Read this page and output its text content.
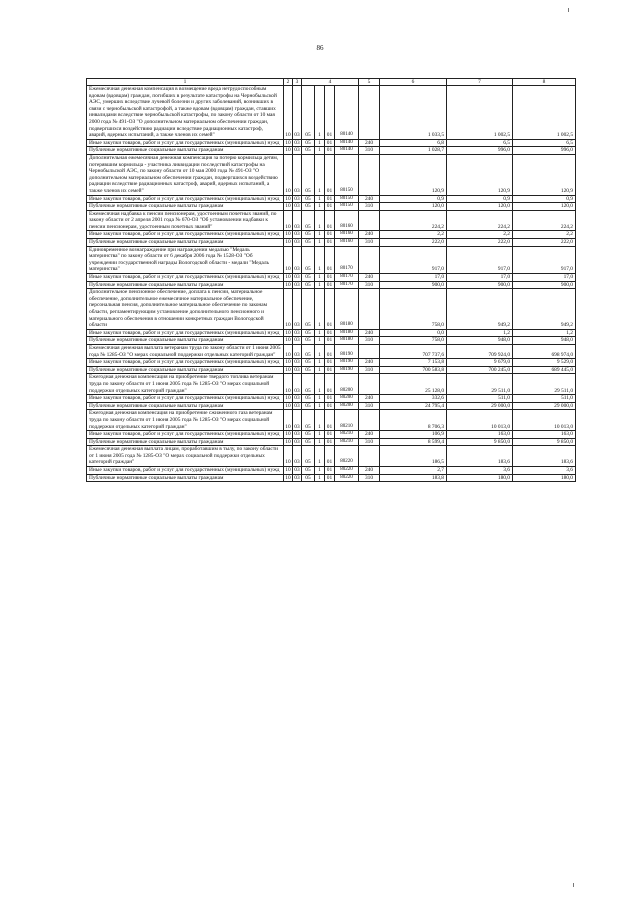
86
1	2	3	4				5	6	7	8
Ежемесячная денежная компенсация в возмещение вреда нетрудоспособным вдовам (вдовцам) граждан, погибших в результате катастрофы на Чернобыльской АЭС, умерших вследствие лучевой болезни и других заболеваний, возникших в связи с чернобыльской катастрофой, а также вдовам (вдовцам) граждан, ставших инвалидами вследствие чернобыльской катастрофы, по закону области от 10 мая 2000 года № 491-ОЗ "О дополнительном материальном обеспечении граждан, подвергшихся воздействию радиации вследствие радиационных катастроф, аварий, ядерных испытаний, а также членов их семей"	10	03	05	1	01	80140		1 033,5	1 002,5	1 002,5
Иные закупки товаров, работ и услуг для государственных (муниципальных) нужд	10	03	05	1	01	80140	240	6,8	6,5	6,5
Публичные нормативные социальные выплаты гражданам	10	03	05	1	01	80140	310	1 028,7	996,0	996,0
Дополнительная ежемесячная денежная компенсация за потерю кормильца детям, потерявшим кормильца - участника ликвидации последствий катастрофы на Чернобыльской АЭС, по закону области от 10 мая 2000 года № 491-ОЗ "О дополнительном материальном обеспечении граждан, подвергшихся воздействию радиации вследствие радиационных катастроф, аварий, ядерных испытаний, а также членов их семей"	10	03	05	1	01	80150		120,9	120,9	120,9
Иные закупки товаров, работ и услуг для государственных (муниципальных) нужд	10	03	05	1	01	80150	240	0,9	0,9	0,9
Публичные нормативные социальные выплаты гражданам	10	03	05	1	01	80150	310	120,0	120,0	120,0
Ежемесячная надбавка к пенсии пенсионерам, удостоенным почетных званий, по закону области от 2 апреля 2001 года № 670-ОЗ "Об установлении надбавки к пенсии пенсионерам, удостоенным почетных званий"	10	03	05	1	01	80160		224,2	224,2	224,2
Иные закупки товаров, работ и услуг для государственных (муниципальных) нужд	10	03	05	1	01	80160	240	2,2	2,2	2,2
Публичные нормативные социальные выплаты гражданам	10	03	05	1	01	80160	310	222,0	222,0	222,0
Единовременное вознаграждение при награждении медалью "Медаль материнства" по закону области от 6 декабря 2006 года № 1528-ОЗ "Об учреждении государственной награды Вологодской области - медали "Медаль материнства"	10	03	05	1	01	80170		917,0	917,0	917,0
Иные закупки товаров, работ и услуг для государственных (муниципальных) нужд	10	03	05	1	01	80170	240	17,0	17,0	17,0
Публичные нормативные социальные выплаты гражданам	10	03	05	1	01	80170	310	900,0	900,0	900,0
Дополнительное пенсионное обеспечение, доплата к пенсии, материальное обеспечение, дополнительное ежемесячное материальное обеспечение, персональная пенсия, дополнительное материальное обеспечение по законам области, регламентирующим установление дополнительного пенсионного и материального обеспечения в отношении конкретных граждан Вологодской области	10	03	05	1	01	80180		758,0	949,2	949,2
Иные закупки товаров, работ и услуг для государственных (муниципальных) нужд	10	03	05	1	01	80180	240	0,0	1,2	1,2
Публичные нормативные социальные выплаты гражданам	10	03	05	1	01	80180	310	758,0	948,0	948,0
Ежемесячная денежная выплата ветеранам труда по закону области от 1 июня 2005 года № 1285-ОЗ "О мерах социальной поддержки отдельных категорий граждан"	10	03	05	1	01	80190		707 737,6	709 924,0	698 974,0
Иные закупки товаров, работ и услуг для государственных (муниципальных) нужд	10	03	05	1	01	80190	240	7 153,8	9 679,0	9 529,0
Публичные нормативные социальные выплаты гражданам	10	03	05	1	01	80190	310	700 583,8	700 245,0	689 445,0
Ежегодная денежная компенсация на приобретение твердого топлива ветеранам труда по закону области от 1 июня 2005 года № 1285-ОЗ "О мерах социальной поддержки отдельных категорий граждан"	10	03	05	1	01	80200		25 128,0	29 511,0	29 511,0
Иные закупки товаров, работ и услуг для государственных (муниципальных) нужд	10	03	05	1	01	80200	240	332,6	511,0	511,0
Публичные нормативные социальные выплаты гражданам	10	03	05	1	01	80200	310	24 795,4	29 000,0	29 000,0
Ежегодная денежная компенсация на приобретение сжиженного газа ветеранам труда по закону области от 1 июня 2005 года № 1285-ОЗ "О мерах социальной поддержки отдельных категорий граждан"	10	03	05	1	01	80210		8 706,3	10 013,0	10 013,0
Иные закупки товаров, работ и услуг для государственных (муниципальных) нужд	10	03	05	1	01	80210	240	106,9	163,0	163,0
Публичные нормативные социальные выплаты гражданам	10	03	05	1	01	80210	310	8 599,4	9 850,0	9 850,0
Ежемесячная денежная выплата лицам, проработавшим в тылу, по закону области от 1 июня 2005 года № 1285-ОЗ "О мерах социальной поддержки отдельных категорий граждан"	10	03	05	1	01	80220		186,5	183,6	183,6
Иные закупки товаров, работ и услуг для государственных (муниципальных) нужд	10	03	05	1	01	80220	240	2,7	3,6	3,6
Публичные нормативные социальные выплаты гражданам	10	03	05	1	01	80220	310	183,8	180,0	180,0
